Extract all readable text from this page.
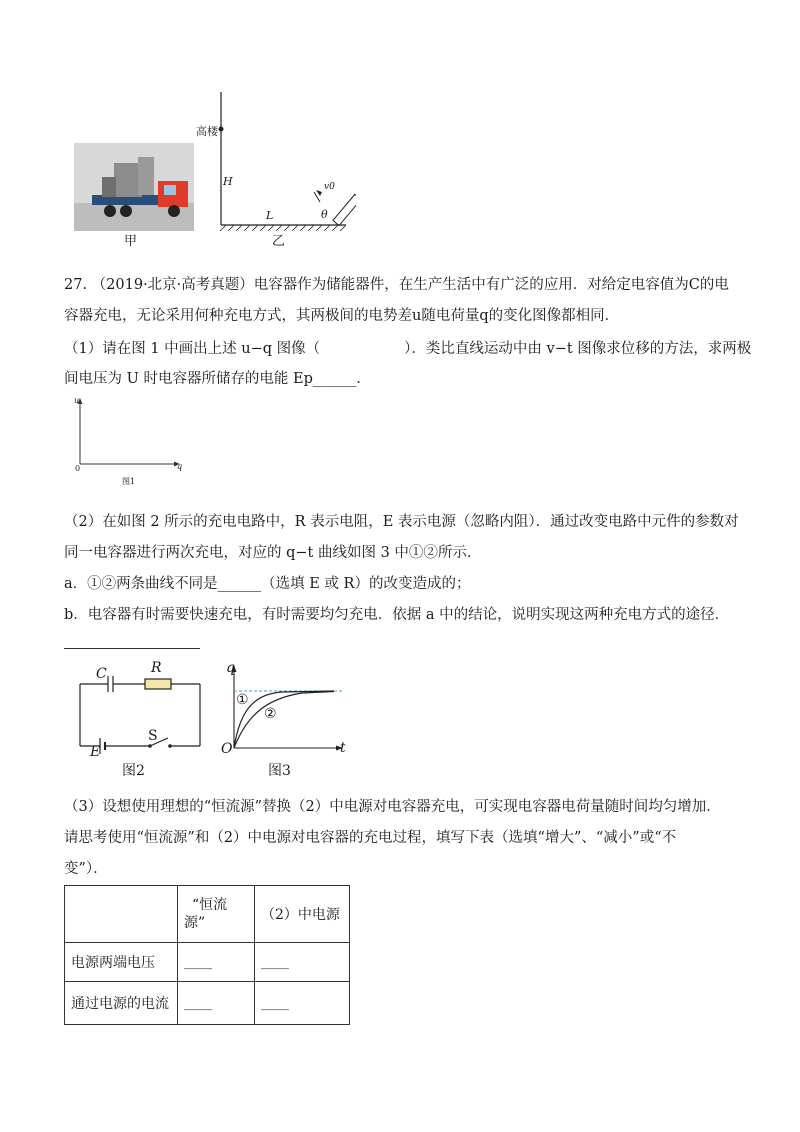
甲
高楼
H
L
v0
θ
乙
27. （2019·北京·高考真题）电容器作为储能器件，在生产生活中有广泛的应用．对给定电容值为C的电
容器充电，无论采用何种充电方式，其两极间的电势差u随电荷量q的变化图像都相同．
（1）请在图 1 中画出上述 u−q 图像（	）．类比直线运动中由 v−t 图像求位移的方法，求两极
间电压为 U 时电容器所储存的电能 Ep______．
u
q
0
图1
（2）在如图 2 所示的充电电路中，R 表示电阻，E 表示电源（忽略内阻）．通过改变电路中元件的参数对
同一电容器进行两次充电，对应的 q−t 曲线如图 3 中①②所示．
a．①②两条曲线不同是______（选填 E 或 R）的改变造成的；
b．电容器有时需要快速充电，有时需要均匀充电．依据 a 中的结论，说明实现这两种充电方式的途径．
C	R
S
E
图2
q
t
O
①
②
图3
（3）设想使用理想的“恒流源”替换（2）中电源对电容器充电，可实现电容器电荷量随时间均匀增加．
请思考使用“恒流源”和（2）中电源对电容器的充电过程，填写下表（选填“增大”、“减小”或“不
变”）．

	“恒流
源”	（2）中电源
电源两端电压	____	____
通过电源的电流	____	____
